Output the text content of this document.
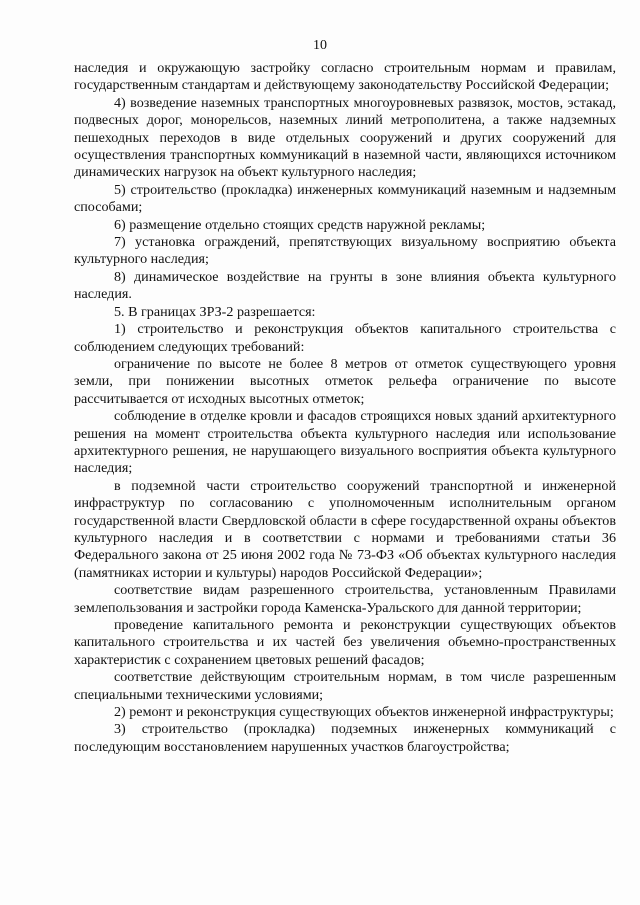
10

наследия и окружающую застройку согласно строительным нормам и правилам, государственным стандартам и действующему законодательству Российской Федерации;

4) возведение наземных транспортных многоуровневых развязок, мостов, эстакад, подвесных дорог, монорельсов, наземных линий метрополитена, а также надземных пешеходных переходов в виде отдельных сооружений и других сооружений для осуществления транспортных коммуникаций в наземной части, являющихся источником динамических нагрузок на объект культурного наследия;

5) строительство (прокладка) инженерных коммуникаций наземным и надземным способами;

6) размещение отдельно стоящих средств наружной рекламы;

7) установка ограждений, препятствующих визуальному восприятию объекта культурного наследия;

8) динамическое воздействие на грунты в зоне влияния объекта культурного наследия.

5. В границах ЗРЗ-2 разрешается:

1) строительство и реконструкция объектов капитального строительства с соблюдением следующих требований:

ограничение по высоте не более 8 метров от отметок существующего уровня земли, при понижении высотных отметок рельефа ограничение по высоте рассчитывается от исходных высотных отметок;

соблюдение в отделке кровли и фасадов строящихся новых зданий архитектурного решения на момент строительства объекта культурного наследия или использование архитектурного решения, не нарушающего визуального восприятия объекта культурного наследия;

в подземной части строительство сооружений транспортной и инженерной инфраструктур по согласованию с уполномоченным исполнительным органом государственной власти Свердловской области в сфере государственной охраны объектов культурного наследия и в соответствии с нормами и требованиями статьи 36 Федерального закона от 25 июня 2002 года № 73-ФЗ «Об объектах культурного наследия (памятниках истории и культуры) народов Российской Федерации»;

соответствие видам разрешенного строительства, установленным Правилами землепользования и застройки города Каменска-Уральского для данной территории;

проведение капитального ремонта и реконструкции существующих объектов капитального строительства и их частей без увеличения объемно-пространственных характеристик с сохранением цветовых решений фасадов;

соответствие действующим строительным нормам, в том числе разрешенным специальными техническими условиями;

2) ремонт и реконструкция существующих объектов инженерной инфраструктуры;

3) строительство (прокладка) подземных инженерных коммуникаций с последующим восстановлением нарушенных участков благоустройства;
